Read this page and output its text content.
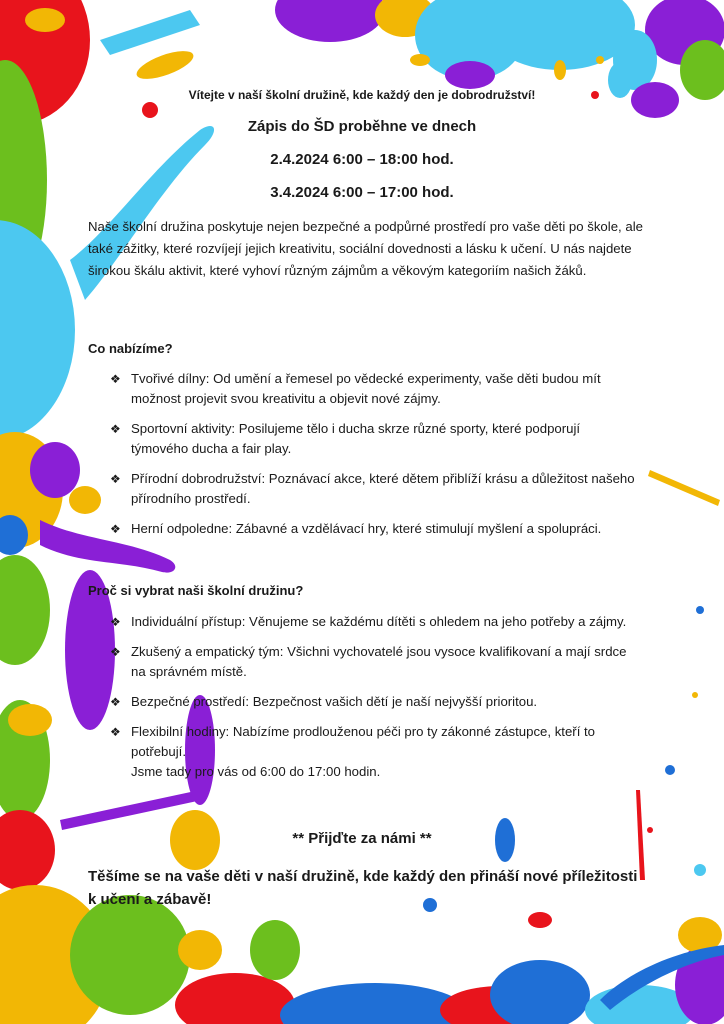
Vítejte v naší školní družině, kde každý den je dobrodružství!

Zápis do ŠD proběhne ve dnech

2.4.2024 6:00 – 18:00 hod.

3.4.2024 6:00 – 17:00 hod.

Naše školní družina poskytuje nejen bezpečné a podpůrné prostředí pro vaše děti po škole, ale také zážitky, které rozvíjejí jejich kreativitu, sociální dovednosti a lásku k učení. U nás najdete širokou škálu aktivit, které vyhoví různým zájmům a věkovým kategoriím našich žáků.

Co nabízíme?

❖ Tvořivé dílny: Od umění a řemesel po vědecké experimenty, vaše děti budou mít možnost projevit svou kreativitu a objevit nové zájmy.
❖ Sportovní aktivity: Posilujeme tělo i ducha skrze různé sporty, které podporují týmového ducha a fair play.
❖ Přírodní dobrodružství: Poznávací akce, které dětem přiblíží krásu a důležitost našeho přírodního prostředí.
❖ Herní odpoledne: Zábavné a vzdělávací hry, které stimulují myšlení a spolupráci.

Proč si vybrat naši školní družinu?

❖ Individuální přístup: Věnujeme se každému dítěti s ohledem na jeho potřeby a zájmy.
❖ Zkušený a empatický tým: Všichni vychovatelé jsou vysoce kvalifikovaní a mají srdce na správném místě.
❖ Bezpečné prostředí: Bezpečnost vašich dětí je naší nejvyšší prioritou.
❖ Flexibilní hodiny: Nabízíme prodlouženou péči pro ty zákonné zástupce, kteří to potřebují.
Jsme tady pro vás od 6:00 do 17:00 hodin.

** Přijďte za námi **

Těšíme se na vaše děti v naší družině, kde každý den přináší nové příležitosti k učení a zábavě!
